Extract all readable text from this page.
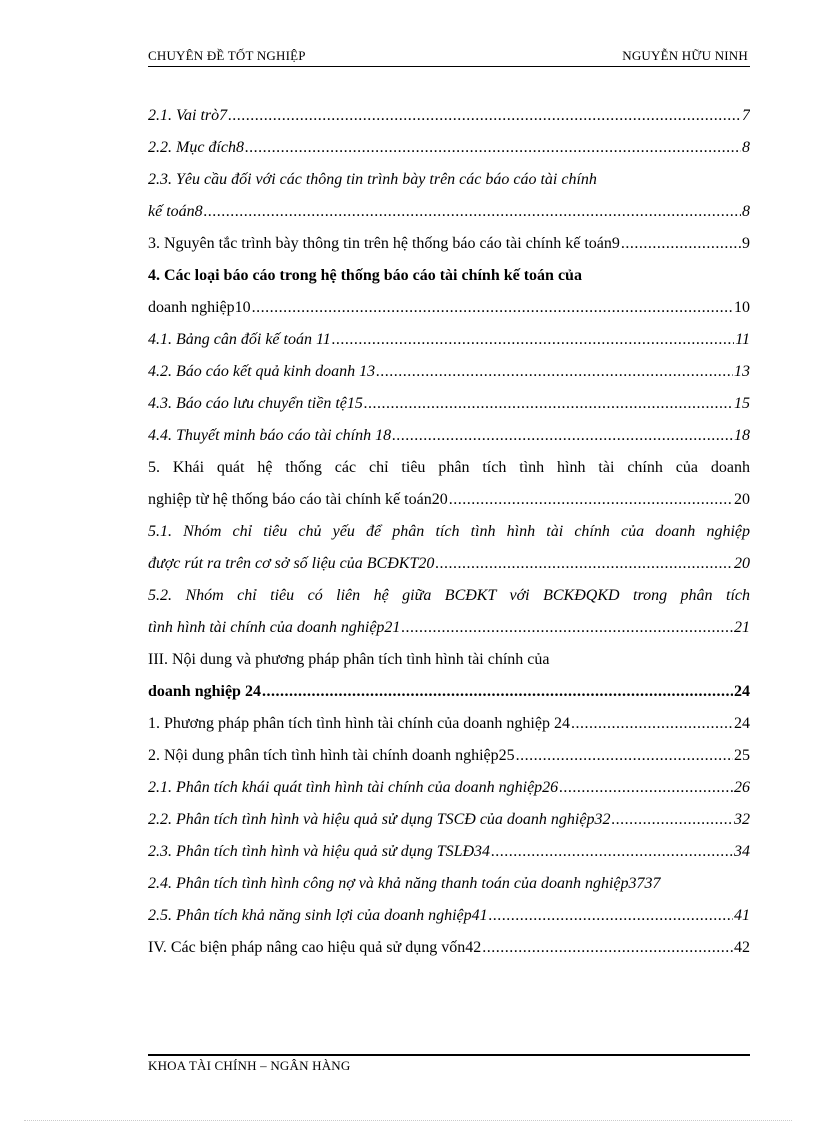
CHUYÊN ĐỀ TỐT NGHIỆP	NGUYỄN HỮU NINH
2.1. Vai trò7 .....	7
2.2. Mục đích8 .....	8
2.3. Yêu cầu đối với các thông tin trình bày trên các báo cáo tài chính
kế toán8 .....	8
3. Nguyên tắc trình bày thông tin trên hệ thống báo cáo tài chính kế toán9 .....	9
4. Các loại báo cáo trong hệ thống báo cáo tài chính kế toán của
doanh nghiệp10 .....	10
4.1. Bảng cân đối kế toán 11 .....	11
4.2. Báo cáo kết quả kinh doanh 13 .....	13
4.3. Báo cáo lưu chuyển tiền tệ15 .....	15
4.4. Thuyết minh báo cáo tài chính 18 .....	18
5. Khái quát hệ thống các chỉ tiêu phân tích tình hình tài chính của doanh
nghiệp từ hệ thống báo cáo tài chính kế toán20 .....	20
5.1. Nhóm chỉ tiêu chủ yếu để phân tích tình hình tài chính của doanh nghiệp
được rút ra trên cơ sở số liệu của BCĐKT20 .....	20
5.2. Nhóm chỉ tiêu có liên hệ giữa BCĐKT với BCKĐQKD trong phân tích
tình hình tài chính của doanh nghiệp21 .....	21
III. Nội dung và phương pháp phân tích tình hình tài chính của
doanh nghiệp 24 .....	24
1. Phương pháp phân tích tình hình tài chính của doanh nghiệp 24 .....	24
2. Nội dung phân tích tình hình tài chính doanh nghiệp25 .....	25
2.1. Phân tích khái quát tình hình tài chính của doanh nghiệp26 .....	26
2.2. Phân tích tình hình và hiệu quả sử dụng TSCĐ của doanh nghiệp32 .....	32
2.3. Phân tích tình hình và hiệu quả sử dụng TSLĐ34 .....	34
2.4. Phân tích tình hình công nợ và khả năng thanh toán của doanh nghiệp3737
2.5. Phân tích khả năng sinh lợi của doanh nghiệp41 .....	41
IV. Các biện pháp nâng cao hiệu quả sử dụng vốn42 .....	42
KHOA TÀI CHÍNH – NGÂN HÀNG
